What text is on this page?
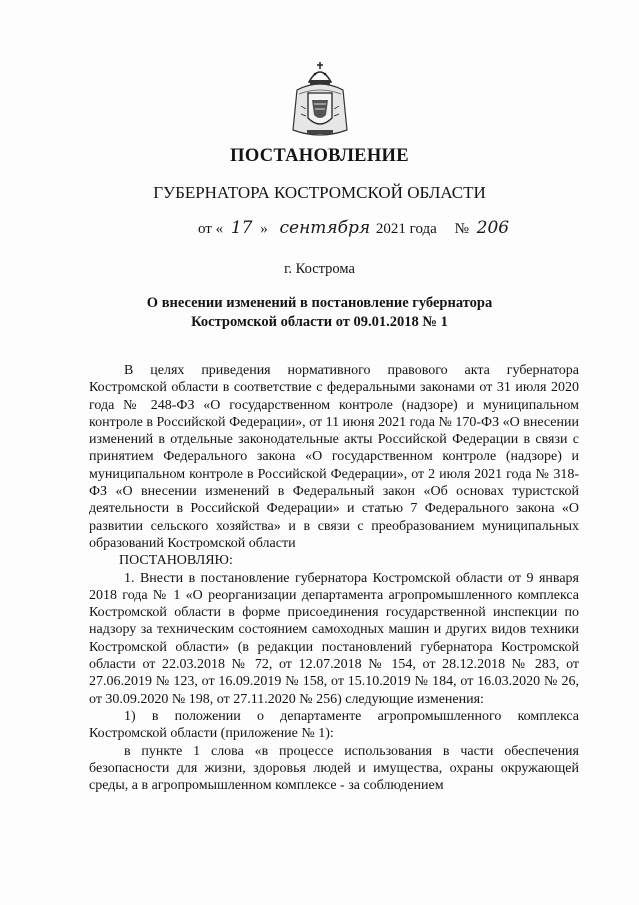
ПОСТАНОВЛЕНИЕ
ГУБЕРНАТОРА КОСТРОМСКОЙ ОБЛАСТИ
от « 17 » сентября 2021 года № 206
г. Кострома
О внесении изменений в постановление губернатора
Костромской области от 09.01.2018 № 1

В целях приведения нормативного правового акта губернатора Костромской области в соответствие с федеральными законами от 31 июля 2020 года № 248-ФЗ «О государственном контроле (надзоре) и муниципальном контроле в Российской Федерации», от 11 июня 2021 года № 170-ФЗ «О внесении изменений в отдельные законодательные акты Российской Федерации в связи с принятием Федерального закона «О государственном контроле (надзоре) и муниципальном контроле в Российской Федерации», от 2 июля 2021 года № 318-ФЗ «О внесении изменений в Федеральный закон «Об основах туристской деятельности в Российской Федерации» и статью 7 Федерального закона «О развитии сельского хозяйства» и в связи с преобразованием муниципальных образований Костромской области

ПОСТАНОВЛЯЮ:

1. Внести в постановление губернатора Костромской области от 9 января 2018 года № 1 «О реорганизации департамента агропромышленного комплекса Костромской области в форме присоединения государственной инспекции по надзору за техническим состоянием самоходных машин и других видов техники Костромской области» (в редакции постановлений губернатора Костромской области от 22.03.2018 № 72, от 12.07.2018 № 154, от 28.12.2018 № 283, от 27.06.2019 № 123, от 16.09.2019 № 158, от 15.10.2019 № 184, от 16.03.2020 № 26, от 30.09.2020 № 198, от 27.11.2020 № 256) следующие изменения:

1) в положении о департаменте агропромышленного комплекса Костромской области (приложение № 1):

в пункте 1 слова «в процессе использования в части обеспечения безопасности для жизни, здоровья людей и имущества, охраны окружающей среды, а в агропромышленном комплексе - за соблюдением
